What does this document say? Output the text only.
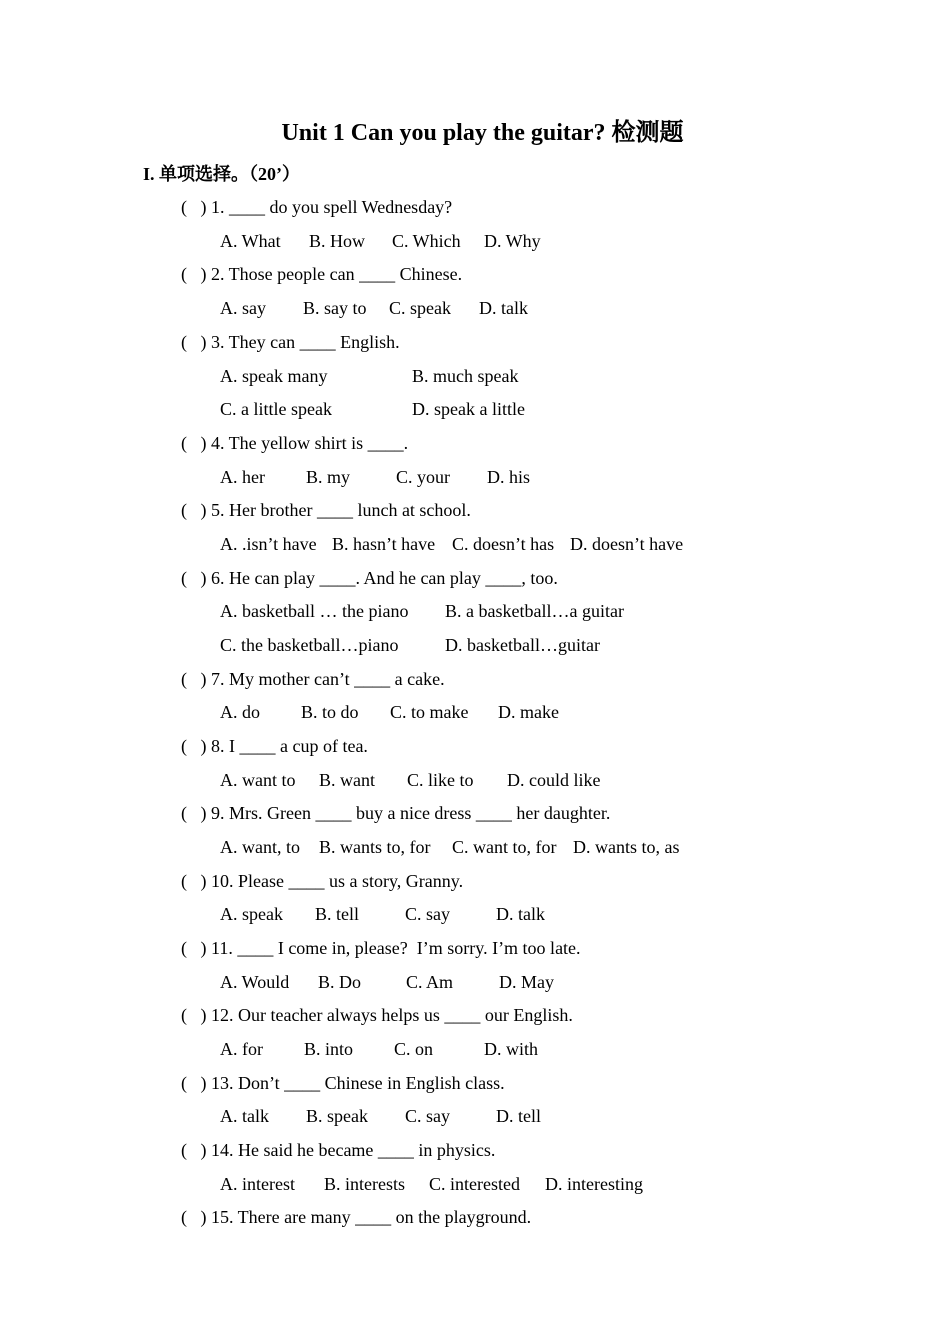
Unit 1 Can you play the guitar? 检测题
I. 单项选择。（20’）
(   ) 1. ____ do you spell Wednesday?
A. What B. How C. Which D. Why
(   ) 2. Those people can ____ Chinese.
A. say B. say to C. speak D. talk
(   ) 3. They can ____ English.
A. speak many	B. much speak
C. a little speak	D. speak a little
(   ) 4. The yellow shirt is ____.
A. her B. my	C. your D. his
(   ) 5. Her brother ____ lunch at school.
A. .isn’t have B. hasn’t have C. doesn’t has D. doesn’t have
(   ) 6. He can play ____. And he can play ____, too.
A. basketball … the piano B. a basketball…a guitar
C. the basketball…piano	D. basketball…guitar
(   ) 7. My mother can’t ____ a cake.
A. do B. to do C. to make D. make
(   ) 8. I ____ a cup of tea.
A. want to B. want C. like to D. could like
(   ) 9. Mrs. Green ____ buy a nice dress ____ her daughter.
A. want, to B. wants to, for C. want to, for D. wants to, as
(   ) 10. Please ____ us a story, Granny.
A. speak B. tell	C. say	D. talk
(   ) 11. ____ I come in, please?  I’m sorry. I’m too late.
A. Would B. Do C. Am	D. May
(   ) 12. Our teacher always helps us ____ our English.
A. for B. into C. on	D. with
(   ) 13. Don’t ____ Chinese in English class.
A. talk B. speak C. say	D. tell
(   ) 14. He said he became ____ in physics.
A. interest B. interests C. interested D. interesting
(   ) 15. There are many ____ on the playground.
